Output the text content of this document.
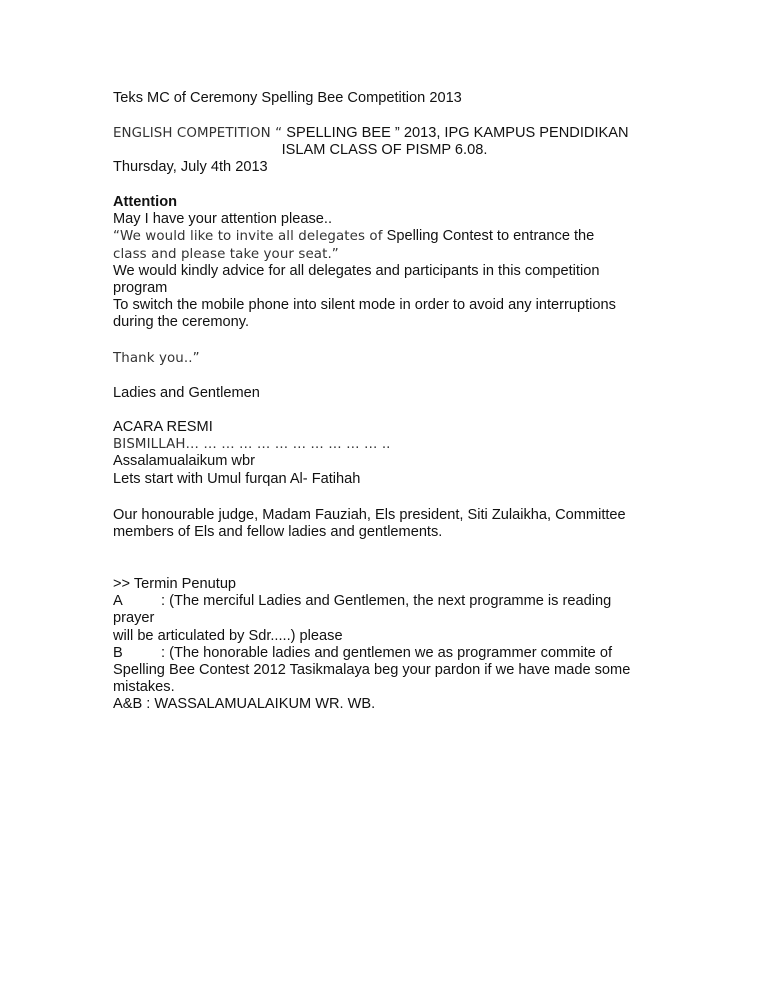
Teks MC of Ceremony Spelling Bee Competition 2013
ENGLISH COMPETITION “ SPELLING BEE ” 2013, IPG KAMPUS PENDIDIKAN
ISLAM CLASS OF PISMP 6.08.
Thursday, July 4th 2013
Attention
May I have your attention please..
“We would like to invite all delegates of Spelling Contest to entrance the
class and please take your seat.”
We would kindly advice for all delegates and participants in this competition
program
To switch the mobile phone into silent mode in order to avoid any interruptions
during the ceremony.
Thank you..”
Ladies and Gentlemen
ACARA RESMI
BISMILLAH… … … … … … … … … … … ..
Assalamualaikum wbr
Lets start with Umul furqan Al- Fatihah
Our honourable judge, Madam Fauziah, Els president, Siti Zulaikha, Committee
members of Els and fellow ladies and gentlements.
>> Termin Penutup
A	: (The merciful Ladies and Gentlemen, the next programme is reading
prayer
will be articulated by Sdr.....) please
B	: (The honorable ladies and gentlemen we as programmer commite of
Spelling Bee Contest 2012 Tasikmalaya beg your pardon if we have made some
mistakes.
A&B : WASSALAMUALAIKUM WR. WB.
